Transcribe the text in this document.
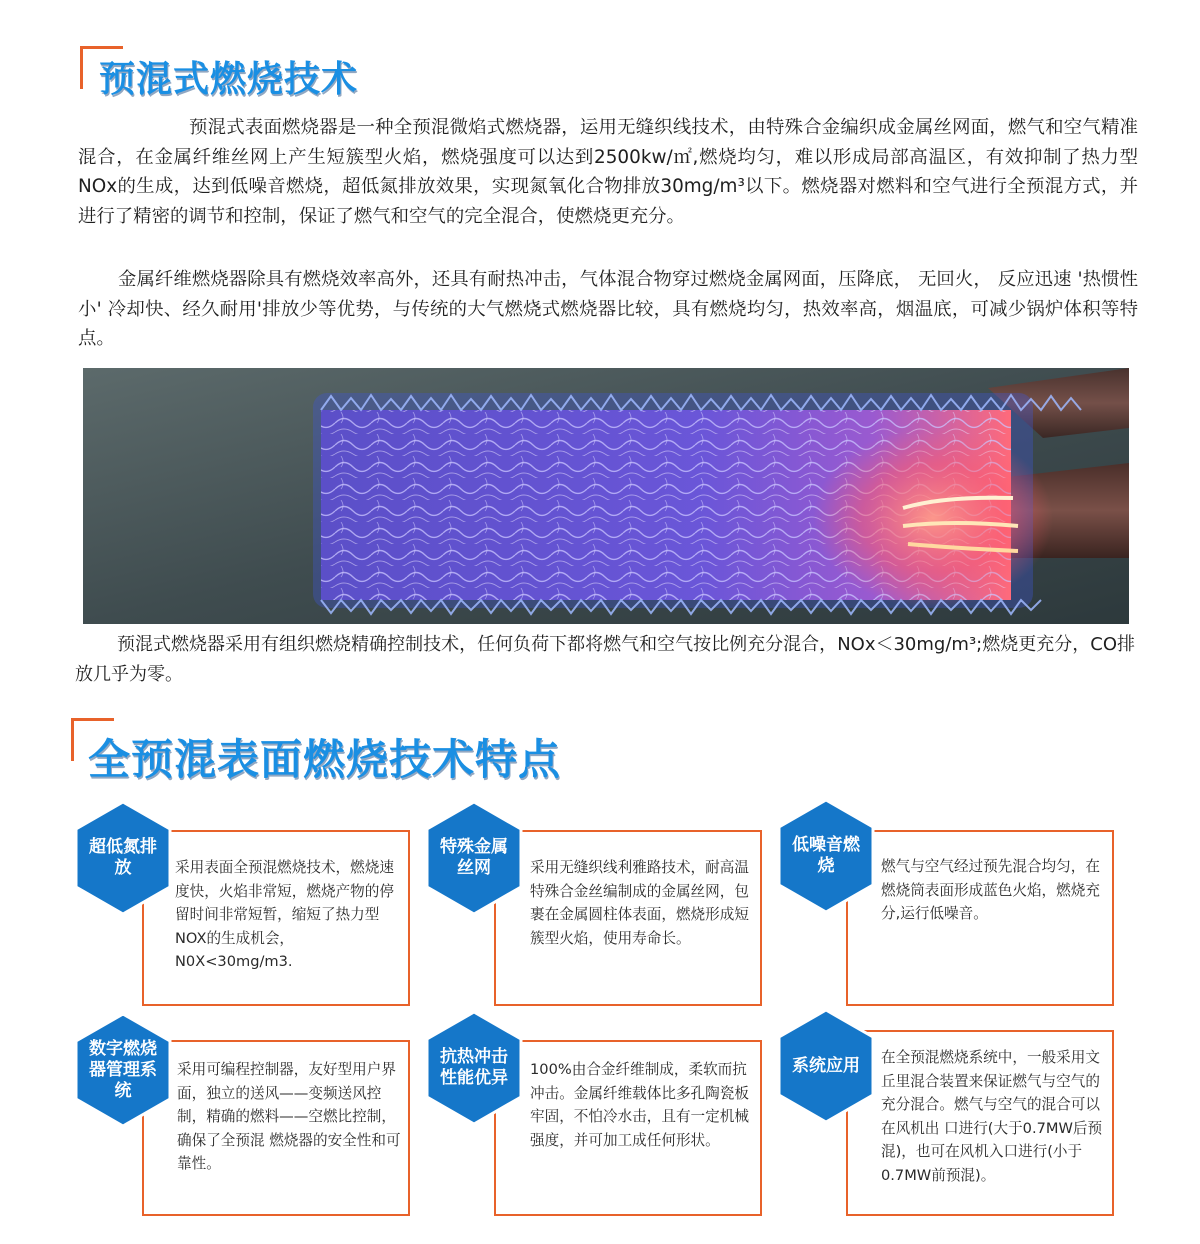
预混式燃烧技术

预混式表面燃烧器是一种全预混微焰式燃烧器，运用无缝织线技术，由特殊合金编织成金属丝网面，燃气和空气精准混合，在金属纤维丝网上产生短簇型火焰，燃烧强度可以达到2500kw/㎡,燃烧均匀，难以形成局部高温区，有效抑制了热力型NOx的生成，达到低噪音燃烧，超低氮排放效果，实现氮氧化合物排放30mg/m³以下。燃烧器对燃料和空气进行全预混方式，并进行了精密的调节和控制，保证了燃气和空气的完全混合，使燃烧更充分。

金属纤维燃烧器除具有燃烧效率高外，还具有耐热冲击，气体混合物穿过燃烧金属网面，压降底， 无回火， 反应迅速 '热惯性小' 冷却快、经久耐用'排放少等优势，与传统的大气燃烧式燃烧器比较，具有燃烧均匀，热效率高，烟温底，可减少锅炉体积等特点。

预混式燃烧器采用有组织燃烧精确控制技术，任何负荷下都将燃气和空气按比例充分混合，NOx＜30mg/m³;燃烧更充分，CO排放几乎为零。

全预混表面燃烧技术特点
超低氮排放	采用表面全预混燃烧技术，燃烧速度快，火焰非常短，燃烧产物的停留时间非常短暂，缩短了热力型NOX的生成机会，N0X<30mg/m3.

特殊金属丝网	采用无缝织线利雅路技术，耐高温特殊合金丝编制成的金属丝网，包裹在金属圆柱体表面，燃烧形成短簇型火焰，使用寿命长。

低噪音燃烧	燃气与空气经过预先混合均匀，在燃烧筒表面形成蓝色火焰，燃烧充分,运行低噪音。

数字燃烧器管理系统

采用可编程控制器，友好型用户界面，独立的送风——变频送风控制，精确的燃料——空燃比控制，确保了全预混 燃烧器的安全性和可靠性。

抗热冲击性能优异	100%由合金纤维制成，柔软而抗冲击。金属纤维载体比多孔陶瓷板牢固，不怕冷水击，且有一定机械强度，并可加工成任何形状。

系统应用	在全预混燃烧系统中，一般采用文丘里混合装置来保证燃气与空气的充分混合。燃气与空气的混合可以在风机出 口进行(大于0.7MW后预混)，也可在风机入口进行(小于0.7MW前预混)。
